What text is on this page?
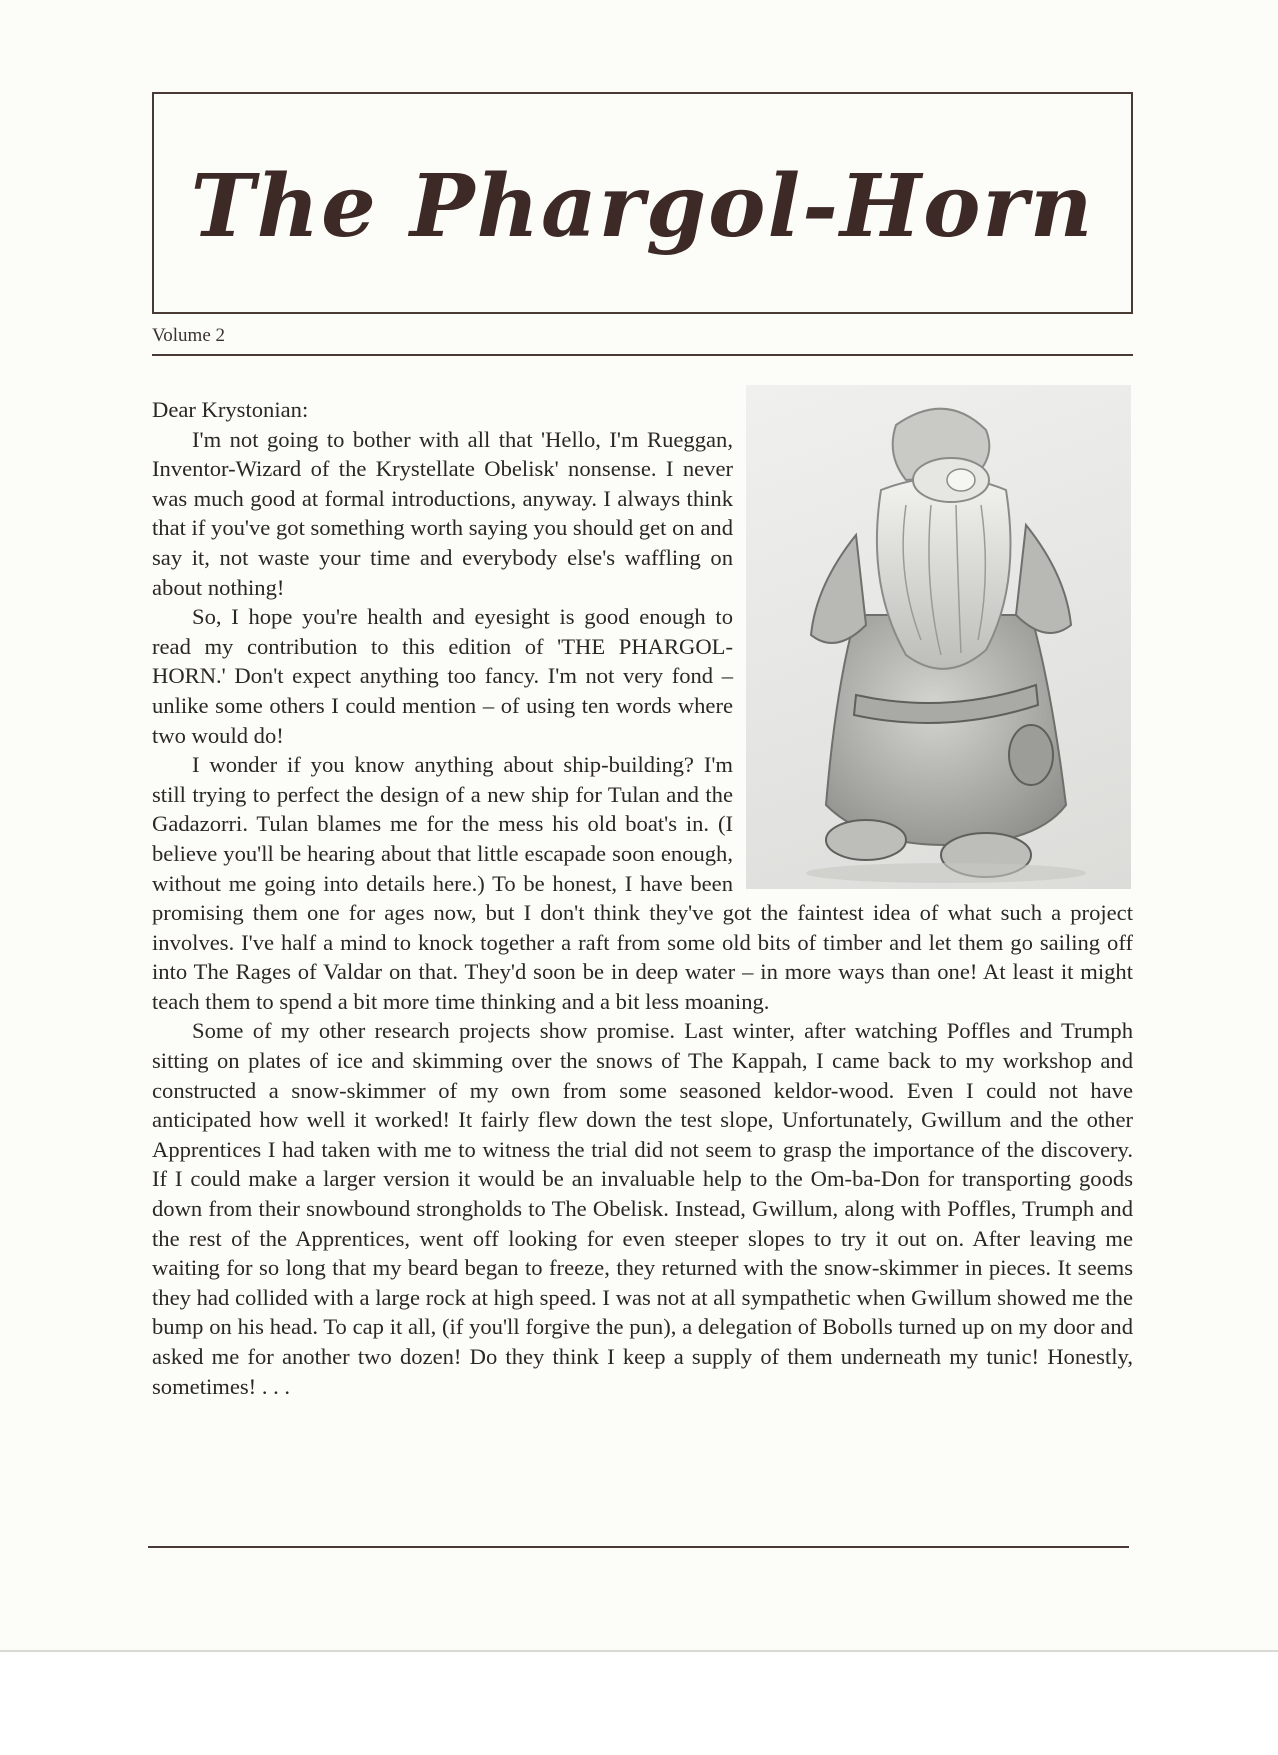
The Phargol-Horn
Volume 2

Dear Krystonian:

I'm not going to bother with all that 'Hello, I'm Rueggan, Inventor-Wizard of the Krystellate Obelisk' nonsense. I never was much good at formal introductions, anyway. I always think that if you've got something worth saying you should get on and say it, not waste your time and everybody else's waffling on about nothing!

So, I hope you're health and eyesight is good enough to read my contribution to this edition of 'THE PHARGOL-HORN.' Don't expect anything too fancy. I'm not very fond – unlike some others I could mention – of using ten words where two would do!

I wonder if you know anything about ship-building? I'm still trying to perfect the design of a new ship for Tulan and the Gadazorri. Tulan blames me for the mess his old boat's in. (I believe you'll be hearing about that little escapade soon enough, without me going into details here.) To be honest, I have been promising them one for ages now, but I don't think they've got the faintest idea of what such a project involves. I've half a mind to knock together a raft from some old bits of timber and let them go sailing off into The Rages of Valdar on that. They'd soon be in deep water – in more ways than one! At least it might teach them to spend a bit more time thinking and a bit less moaning.

Some of my other research projects show promise. Last winter, after watching Poffles and Trumph sitting on plates of ice and skimming over the snows of The Kappah, I came back to my workshop and constructed a snow-skimmer of my own from some seasoned keldor-wood. Even I could not have anticipated how well it worked! It fairly flew down the test slope, Unfortunately, Gwillum and the other Apprentices I had taken with me to witness the trial did not seem to grasp the importance of the discovery. If I could make a larger version it would be an invaluable help to the Om-ba-Don for transporting goods down from their snowbound strongholds to The Obelisk. Instead, Gwillum, along with Poffles, Trumph and the rest of the Apprentices, went off looking for even steeper slopes to try it out on. After leaving me waiting for so long that my beard began to freeze, they returned with the snow-skimmer in pieces. It seems they had collided with a large rock at high speed. I was not at all sympathetic when Gwillum showed me the bump on his head. To cap it all, (if you'll forgive the pun), a delegation of Bobolls turned up on my door and asked me for another two dozen! Do they think I keep a supply of them underneath my tunic! Honestly, sometimes! . . .
